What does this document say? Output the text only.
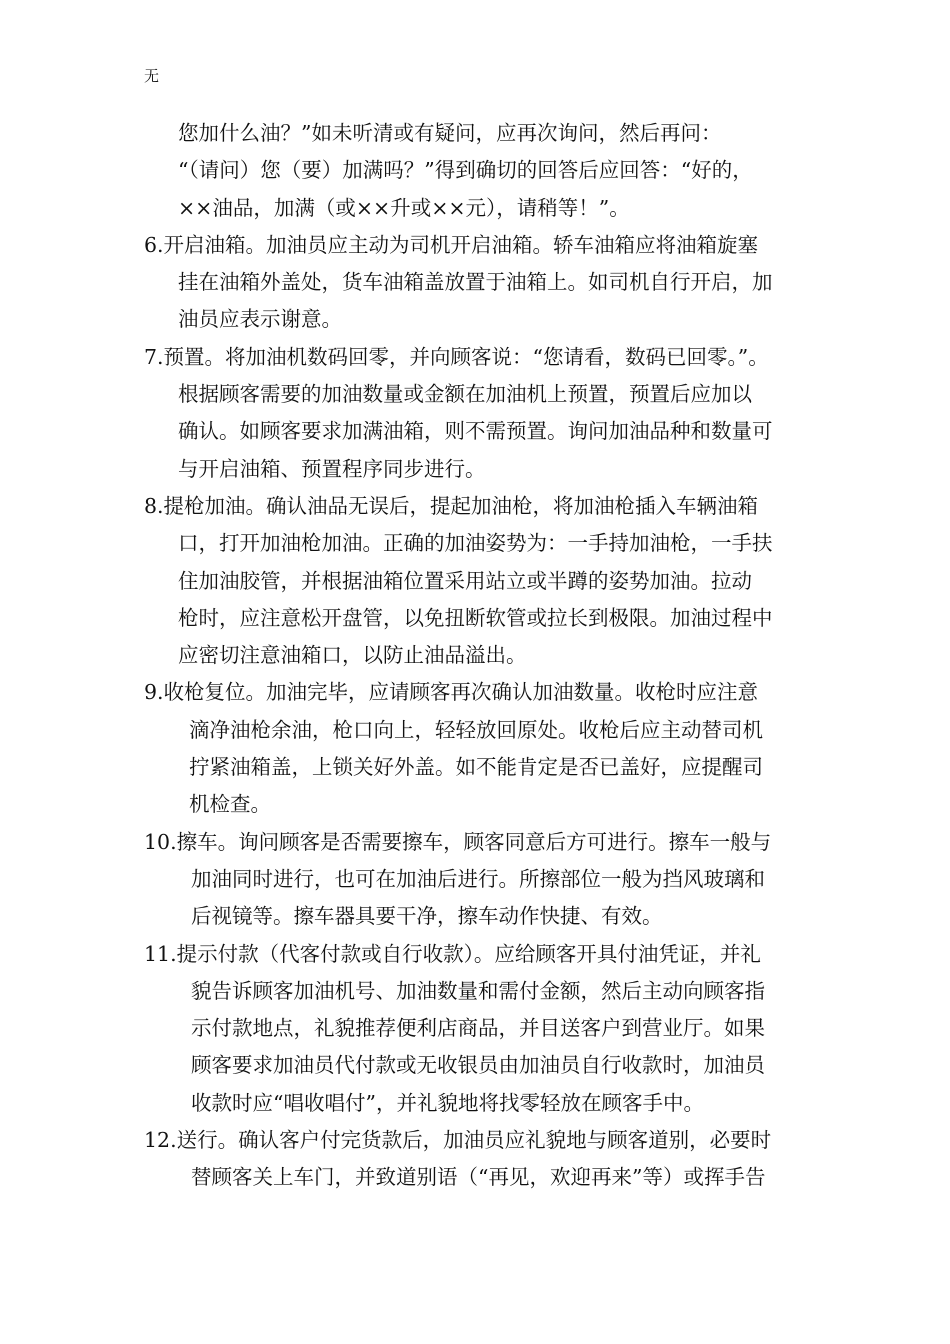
无
您加什么油？”如未听清或有疑问，应再次询问，然后再问：
“（请问）您（要）加满吗？”得到确切的回答后应回答：“好的，
××油品，加满（或××升或××元），请稍等！”。
6.开启油箱。加油员应主动为司机开启油箱。轿车油箱应将油箱旋塞
挂在油箱外盖处，货车油箱盖放置于油箱上。如司机自行开启，加
油员应表示谢意。
7.预置。将加油机数码回零，并向顾客说：“您请看，数码已回零。”。
根据顾客需要的加油数量或金额在加油机上预置，预置后应加以
确认。如顾客要求加满油箱，则不需预置。询问加油品种和数量可
与开启油箱、预置程序同步进行。
8.提枪加油。确认油品无误后，提起加油枪，将加油枪插入车辆油箱
口，打开加油枪加油。正确的加油姿势为：一手持加油枪，一手扶
住加油胶管，并根据油箱位置采用站立或半蹲的姿势加油。拉动
枪时，应注意松开盘管，以免扭断软管或拉长到极限。加油过程中
应密切注意油箱口，以防止油品溢出。
9.收枪复位。加油完毕，应请顾客再次确认加油数量。收枪时应注意
滴净油枪余油，枪口向上，轻轻放回原处。收枪后应主动替司机
拧紧油箱盖，上锁关好外盖。如不能肯定是否已盖好，应提醒司
机检查。
10.擦车。询问顾客是否需要擦车，顾客同意后方可进行。擦车一般与
加油同时进行，也可在加油后进行。所擦部位一般为挡风玻璃和
后视镜等。擦车器具要干净，擦车动作快捷、有效。
11.提示付款（代客付款或自行收款）。应给顾客开具付油凭证，并礼
貌告诉顾客加油机号、加油数量和需付金额，然后主动向顾客指
示付款地点，礼貌推荐便利店商品，并目送客户到营业厅。如果
顾客要求加油员代付款或无收银员由加油员自行收款时，加油员
收款时应“唱收唱付”，并礼貌地将找零轻放在顾客手中。
12.送行。确认客户付完货款后，加油员应礼貌地与顾客道别，必要时
替顾客关上车门，并致道别语（“再见，欢迎再来”等）或挥手告
